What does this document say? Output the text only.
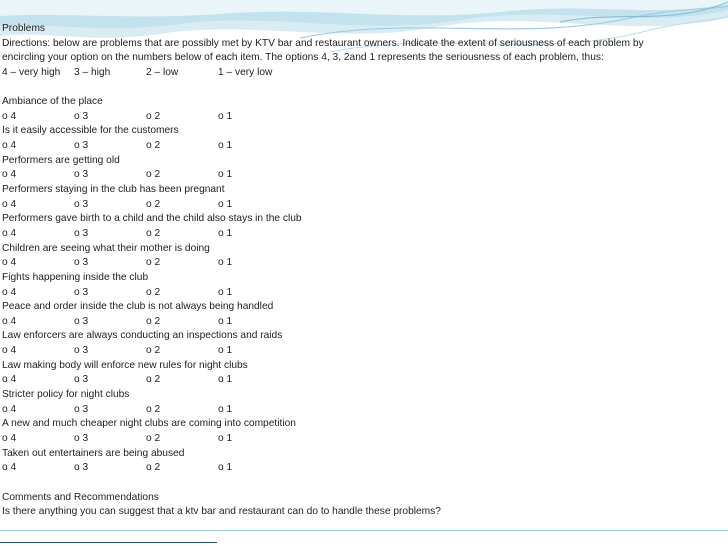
Problems
Directions: below are problems that are possibly met by KTV bar and restaurant owners. Indicate the extent of seriousness of each problem by
encircling your option on the numbers below of each item. The options 4, 3, 2and 1 represents the seriousness of each problem, thus:
4 – very high	3 – high	2 – low	1 – very low
Ambiance of the place
o 4	o 3	o 2	o 1
Is it easily accessible for the customers
o 4	o 3	o 2	o 1
Performers are getting old
o 4	o 3	o 2	o 1
Performers staying in the club has been pregnant
o 4	o 3	o 2	o 1
Performers gave birth to a child and the child also stays in the club
o 4	o 3	o 2	o 1
Children are seeing what their mother is doing
o 4	o 3	o 2	o 1
Fights happening inside the club
o 4	o 3	o 2	o 1
Peace and order inside the club is not always being handled
o 4	o 3	o 2	o 1
Law enforcers are always conducting an inspections and raids
o 4	o 3	o 2	o 1
Law making body will enforce new rules for night clubs
o 4	o 3	o 2	o 1
Stricter policy for night clubs
o 4	o 3	o 2	o 1
A new and much cheaper night clubs are coming into competition
o 4	o 3	o 2	o 1
Taken out entertainers are being abused
o 4	o 3	o 2	o 1
Comments and Recommendations
Is there anything you can suggest that a ktv bar and restaurant can do to handle these problems?
